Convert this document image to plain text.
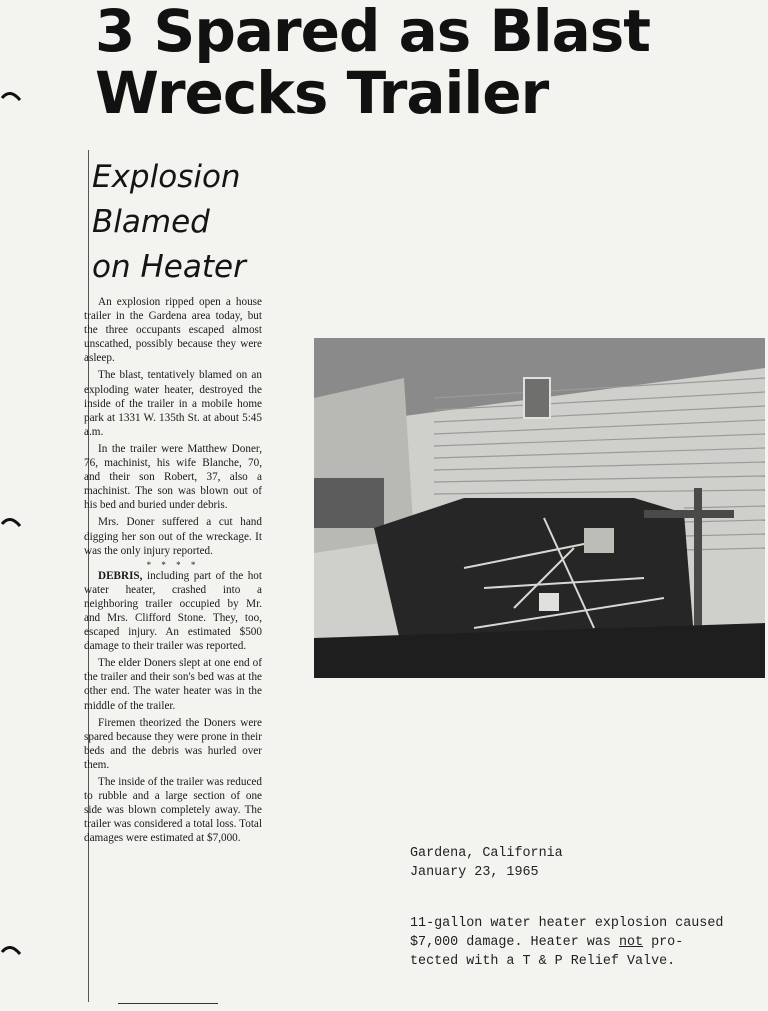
3 Spared as Blast
Wrecks Trailer
Explosion
Blamed
on Heater

An explosion ripped open a house trailer in the Gardena area today, but the three occupants escaped almost unscathed, possibly because they were asleep.

The blast, tentatively blamed on an exploding water heater, destroyed the inside of the trailer in a mobile home park at 1331 W. 135th St. at about 5:45 a.m.

In the trailer were Matthew Doner, 76, machinist, his wife Blanche, 70, and their son Robert, 37, also a machinist. The son was blown out of his bed and buried under debris.

Mrs. Doner suffered a cut hand digging her son out of the wreckage. It was the only injury reported.

* * * *

DEBRIS, including part of the hot water heater, crashed into a neighboring trailer occupied by Mr. and Mrs. Clifford Stone. They, too, escaped injury. An estimated $500 damage to their trailer was reported.

The elder Doners slept at one end of the trailer and their son's bed was at the other end. The water heater was in the middle of the trailer.

Firemen theorized the Doners were spared because they were prone in their beds and the debris was hurled over them.

The inside of the trailer was reduced to rubble and a large section of one side was blown completely away. The trailer was considered a total loss. Total damages were estimated at $7,000.

Gardena, California
January 23, 1965
11-gallon water heater explosion caused
$7,000 damage. Heater was not pro-
tected with a T & P Relief Valve.
